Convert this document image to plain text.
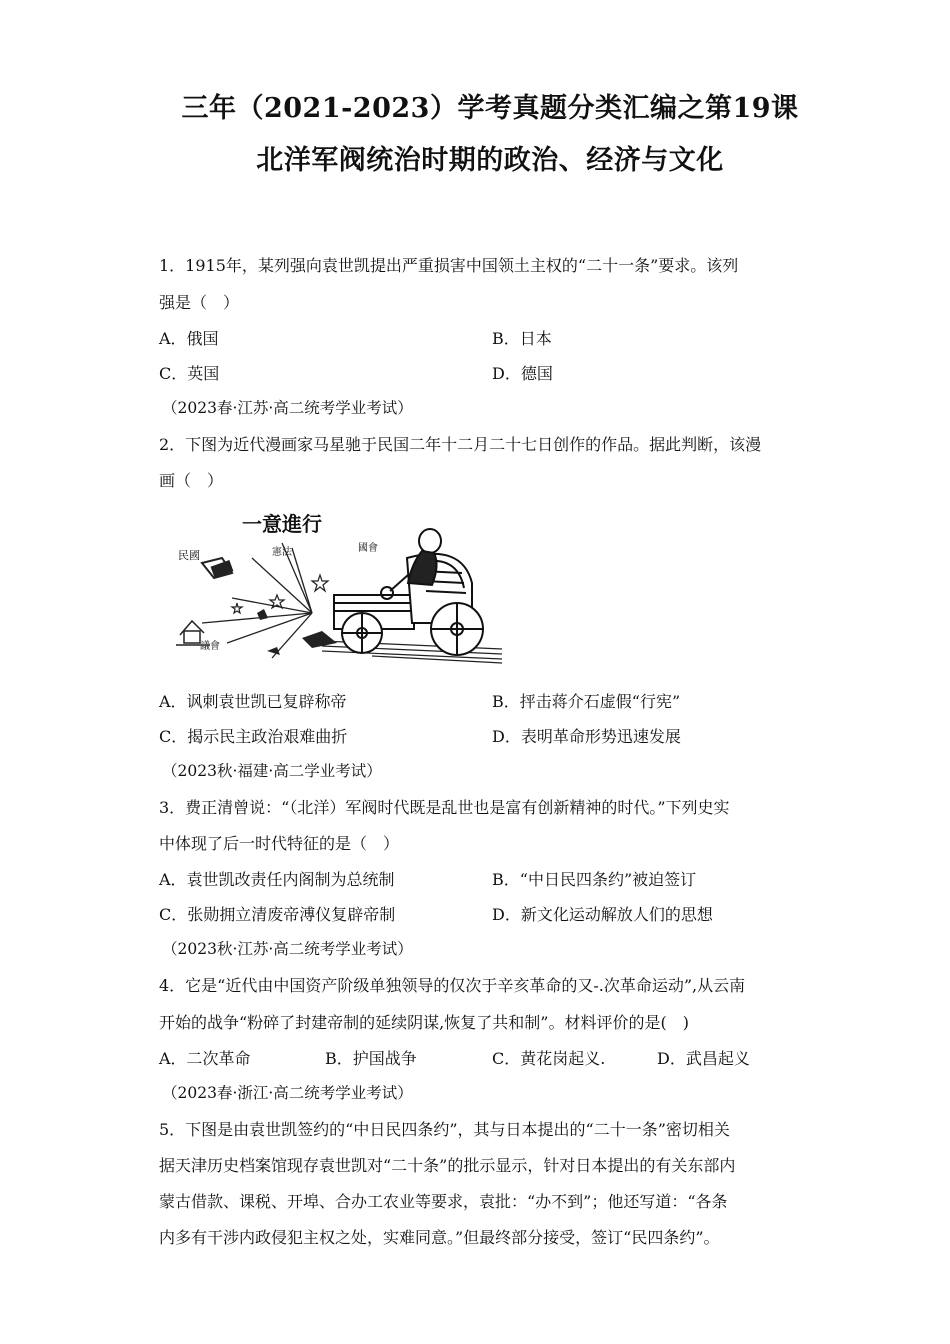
三年（2021-2023）学考真题分类汇编之第19课
北洋军阀统治时期的政治、经济与文化
1．1915年，某列强向袁世凯提出严重损害中国领土主权的“二十一条”要求。该列
强是（　）
A．俄国	B．日本
C．英国	D．德国
（2023春·江苏·高二统考学业考试）
2．下图为近代漫画家马星驰于民国二年十二月二十七日创作的作品。据此判断，该漫
画（　）
一意進行
民國	憲法	國會
議會
A．讽刺袁世凯已复辟称帝	B．抨击蒋介石虚假“行宪”
C．揭示民主政治艰难曲折	D．表明革命形势迅速发展
（2023秋·福建·高二学业考试）
3．费正清曾说：“（北洋）军阀时代既是乱世也是富有创新精神的时代。”下列史实
中体现了后一时代特征的是（　）
A．袁世凯改责任内阁制为总统制	B．“中日民四条约”被迫签订
C．张勋拥立清废帝溥仪复辟帝制	D．新文化运动解放人们的思想
（2023秋·江苏·高二统考学业考试）
4．它是“近代由中国资产阶级单独领导的仅次于辛亥革命的又-.次革命运动”,从云南
开始的战争“粉碎了封建帝制的延续阴谋,恢复了共和制”。材料评价的是(　)
A．二次革命	B．护国战争	C．黄花岗起义.	D．武昌起义
（2023春·浙江·高二统考学业考试）
5．下图是由袁世凯签约的“中日民四条约”，其与日本提出的“二十一条”密切相关
据天津历史档案馆现存袁世凯对“二十条”的批示显示，针对日本提出的有关东部内
蒙古借款、课税、开埠、合办工农业等要求，袁批：“办不到”；他还写道：“各条
内多有干涉内政侵犯主权之处，实难同意。”但最终部分接受，签订“民四条约”。
